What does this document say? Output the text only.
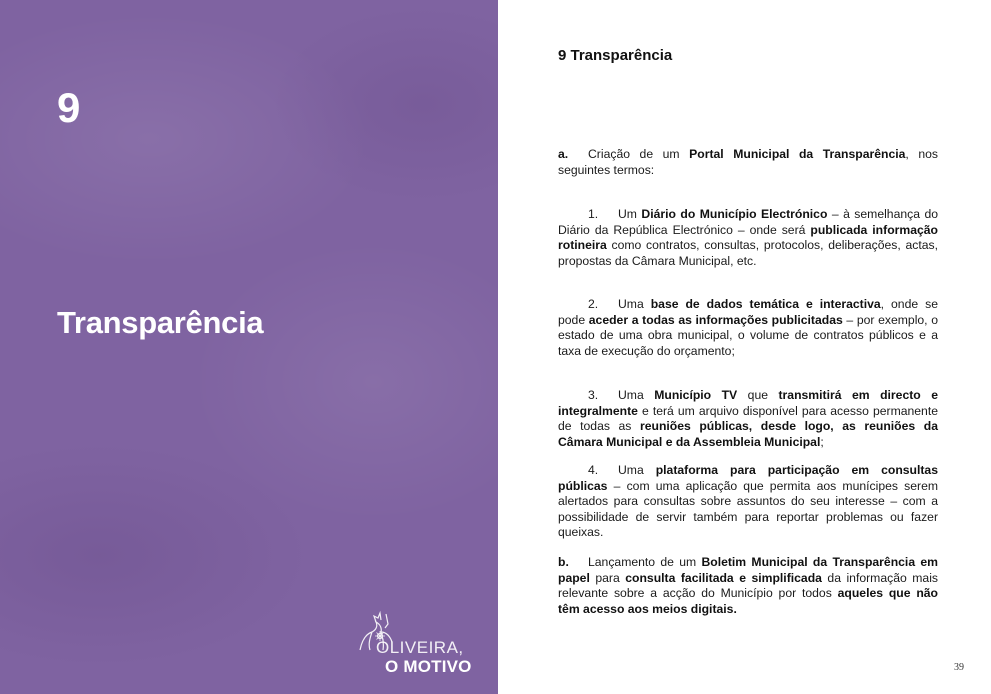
9
Transparência
OLIVEIRA,
O MOTIVO
9 Transparência
a. Criação de um Portal Municipal da Transparência, nos seguintes termos:
1. Um Diário do Município Electrónico – à semelhança do Diário da República Electrónico – onde será publicada informação rotineira como contratos, consultas, protocolos, deliberações, actas, propostas da Câmara Municipal, etc.
2. Uma base de dados temática e interactiva, onde se pode aceder a todas as informações publicitadas – por exemplo, o estado de uma obra municipal, o volume de contratos públicos e a taxa de execução do orçamento;
3. Uma Município TV que transmitirá em directo e integralmente e terá um arquivo disponível para acesso permanente de todas as reuniões públicas, desde logo, as reuniões da Câmara Municipal e da Assembleia Municipal;
4. Uma plataforma para participação em consultas públicas – com uma aplicação que permita aos munícipes serem alertados para consultas sobre assuntos do seu interesse – com a possibilidade de servir também para reportar problemas ou fazer queixas.
b. Lançamento de um Boletim Municipal da Transparência em papel para consulta facilitada e simplificada da informação mais relevante sobre a acção do Município por todos aqueles que não têm acesso aos meios digitais.
39
